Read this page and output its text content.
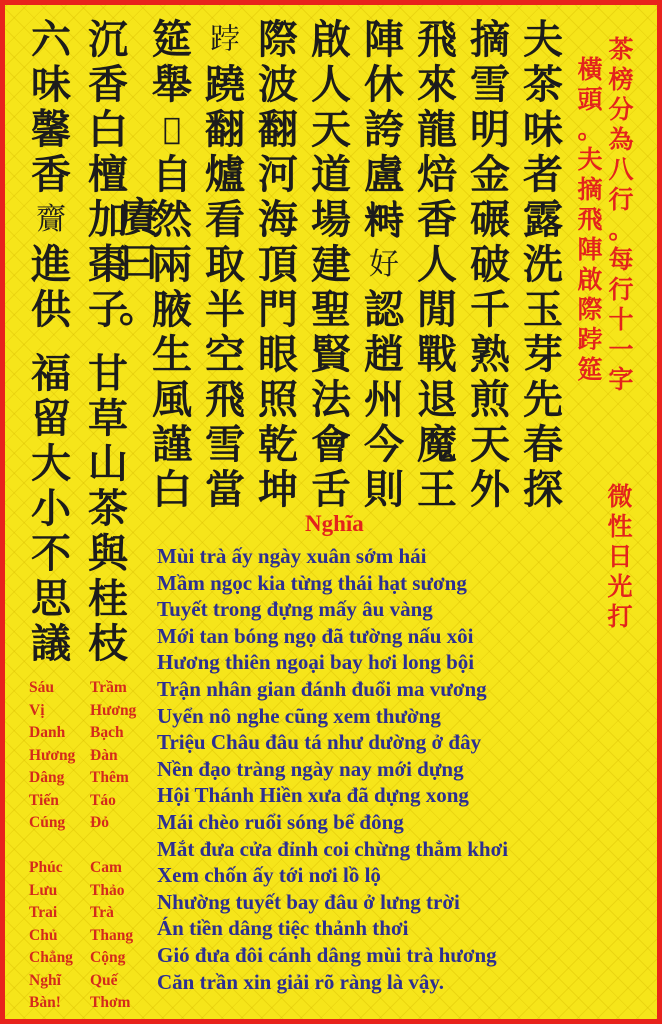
茶
榜
分
為
八
行
。
每
行
十
一
字
橫
頭
。
夫
摘
飛
陣
啟
際
𨁝
筵
夫
茶
味
者
露
洗
玉
芽
先
春
探
摘
雪
明
金
碾
破
千
熟
煎
天
外
飛
來
龍
焙
香
人
閒
戰
退
魔
王
陣
休
誇
盧
𥻵
好
認
趙
州
今
則
啟
人
天
道
場
建
聖
賢
法
會
舌
際
波
翻
河
海
頂
門
眼
照
乾
坤
𨁝
蹺
翻
爐
看
取
半
空
飛
雪
當
筵
舉
𣗥
自
然
兩
腋
生
風
謹
白
賡
曰
。
沉
香
白
檀
加
棗
子
六
味
馨
香
齎
進
供
甘
草
山
茶
與
桂
枝
福
留
大
小
不
思
議
微
性
日
光
打
Nghĩa
Mùi trà ấy ngày xuân sớm hái
Mầm ngọc kia từng thái hạt sương
Tuyết trong đựng mấy âu vàng
Mới tan bóng ngọ đã tường nấu xôi
Hương thiên ngoại bay hơi long bội
Trận nhân gian đánh đuổi ma vương
Uyển nô nghe cũng xem thường
Triệu Châu đâu tá như dường ở đây
Nền đạo tràng ngày nay mới dựng
Hội Thánh Hiền xưa đã dựng xong
Mái chèo ruổi sóng bể đông
Mắt đưa cửa đỉnh coi chừng thẳm khơi
Xem chốn ấy tới nơi lồ lộ
Nhường tuyết bay đâu ở lưng trời
Án tiền dâng tiệc thảnh thơi
Gió đưa đôi cánh dâng mùi trà hương
Căn trần xin giải rõ ràng là vậy.
Sáu
Vị
Danh
Hương
Dâng
Tiến
Cúng
Phúc
Lưu
Trai
Chủ
Chẳng
Nghĩ
Bàn!
Trầm
Hương
Bạch
Đàn
Thêm
Táo
Đỏ
Cam
Thảo
Trà
Thang
Cộng
Quế
Thơm
